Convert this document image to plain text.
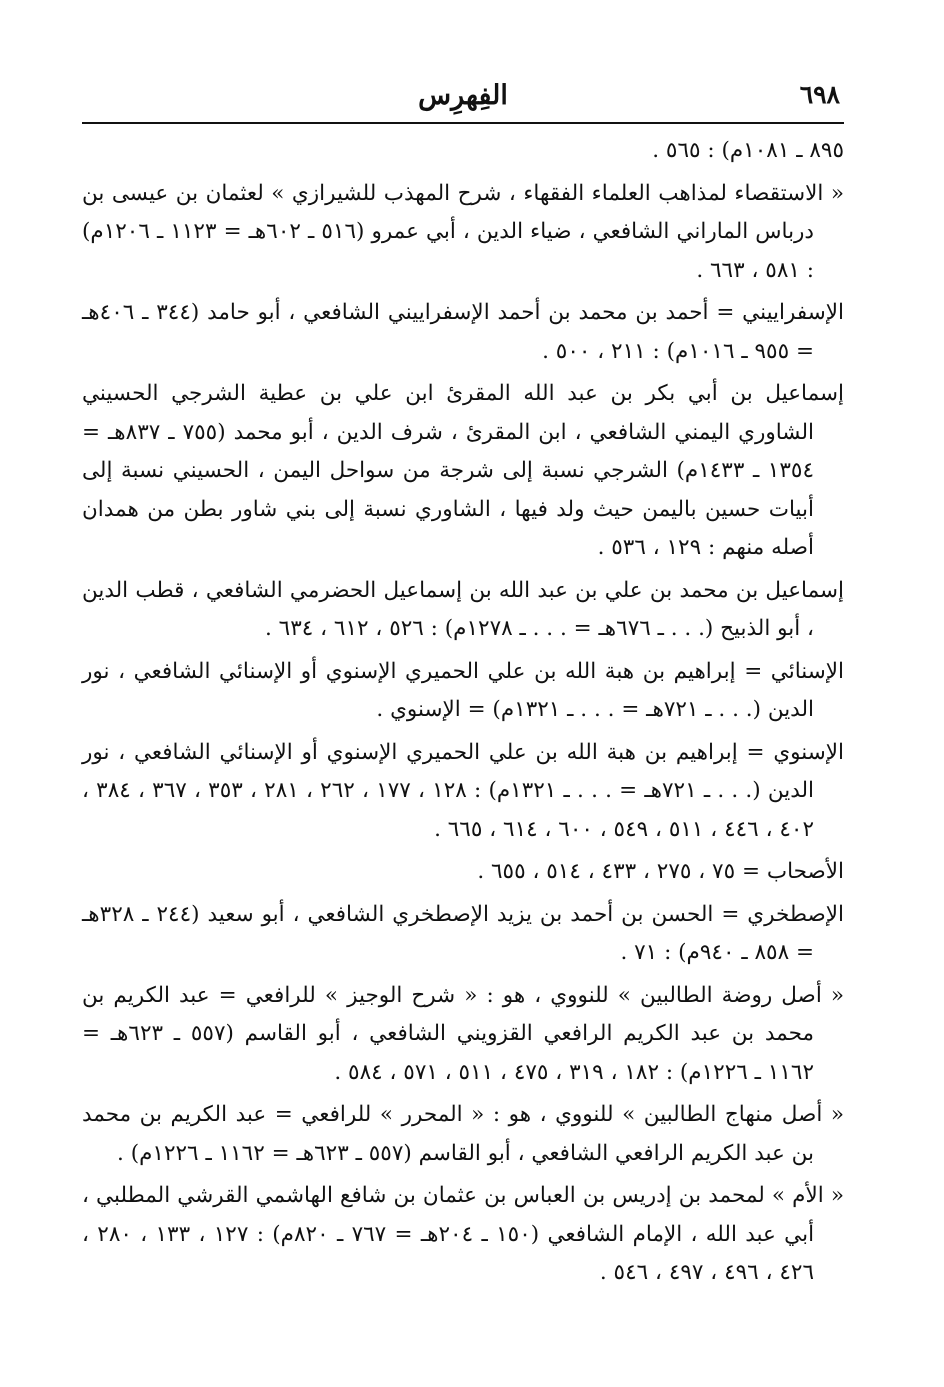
٦٩٨
الفِهرِس

٨٩٥ ـ ١٠٨١م) : ٥٦٥ .

« الاستقصاء لمذاهب العلماء الفقهاء ، شرح المهذب للشيرازي » لعثمان بن عيسى بن درباس الماراني الشافعي ، ضياء الدين ، أبي عمرو (٥١٦ ـ ٦٠٢هـ = ١١٢٣ ـ ١٢٠٦م) : ٥٨١ ، ٦٦٣ .

الإسفراييني = أحمد بن محمد بن أحمد الإسفراييني الشافعي ، أبو حامد (٣٤٤ ـ ٤٠٦هـ = ٩٥٥ ـ ١٠١٦م) : ٢١١ ، ٥٠٠ .

إسماعيل بن أبي بكر بن عبد الله المقرئ ابن علي بن عطية الشرجي الحسيني الشاوري اليمني الشافعي ، ابن المقرئ ، شرف الدين ، أبو محمد (٧٥٥ ـ ٨٣٧هـ = ١٣٥٤ ـ ١٤٣٣م) الشرجي نسبة إلى شرجة من سواحل اليمن ، الحسيني نسبة إلى أبيات حسين باليمن حيث ولد فيها ، الشاوري نسبة إلى بني شاور بطن من همدان أصله منهم : ١٢٩ ، ٥٣٦ .

إسماعيل بن محمد بن علي بن عبد الله بن إسماعيل الحضرمي الشافعي ، قطب الدين ، أبو الذبيح (. . . ـ ٦٧٦هـ = . . . ـ ١٢٧٨م) : ٥٢٦ ، ٦١٢ ، ٦٣٤ .

الإسنائي = إبراهيم بن هبة الله بن علي الحميري الإسنوي أو الإسنائي الشافعي ، نور الدين (. . . ـ ٧٢١هـ = . . . ـ ١٣٢١م) = الإسنوي .

الإسنوي = إبراهيم بن هبة الله بن علي الحميري الإسنوي أو الإسنائي الشافعي ، نور الدين (. . . ـ ٧٢١هـ = . . . ـ ١٣٢١م) : ١٢٨ ، ١٧٧ ، ٢٦٢ ، ٢٨١ ، ٣٥٣ ، ٣٦٧ ، ٣٨٤ ، ٤٠٢ ، ٤٤٦ ، ٥١١ ، ٥٤٩ ، ٦٠٠ ، ٦١٤ ، ٦٦٥ .

الأصحاب = ٧٥ ، ٢٧٥ ، ٤٣٣ ، ٥١٤ ، ٦٥٥ .

الإصطخري = الحسن بن أحمد بن يزيد الإصطخري الشافعي ، أبو سعيد (٢٤٤ ـ ٣٢٨هـ = ٨٥٨ ـ ٩٤٠م) : ٧١ .

« أصل روضة الطالبين » للنووي ، هو : « شرح الوجيز » للرافعي = عبد الكريم بن محمد بن عبد الكريم الرافعي القزويني الشافعي ، أبو القاسم (٥٥٧ ـ ٦٢٣هـ = ١١٦٢ ـ ١٢٢٦م) : ١٨٢ ، ٣١٩ ، ٤٧٥ ، ٥١١ ، ٥٧١ ، ٥٨٤ .

« أصل منهاج الطالبين » للنووي ، هو : « المحرر » للرافعي = عبد الكريم بن محمد بن عبد الكريم الرافعي الشافعي ، أبو القاسم (٥٥٧ ـ ٦٢٣هـ = ١١٦٢ ـ ١٢٢٦م) .

« الأم » لمحمد بن إدريس بن العباس بن عثمان بن شافع الهاشمي القرشي المطلبي ، أبي عبد الله ، الإمام الشافعي (١٥٠ ـ ٢٠٤هـ = ٧٦٧ ـ ٨٢٠م) : ١٢٧ ، ١٣٣ ، ٢٨٠ ، ٤٢٦ ، ٤٩٦ ، ٤٩٧ ، ٥٤٦ .
